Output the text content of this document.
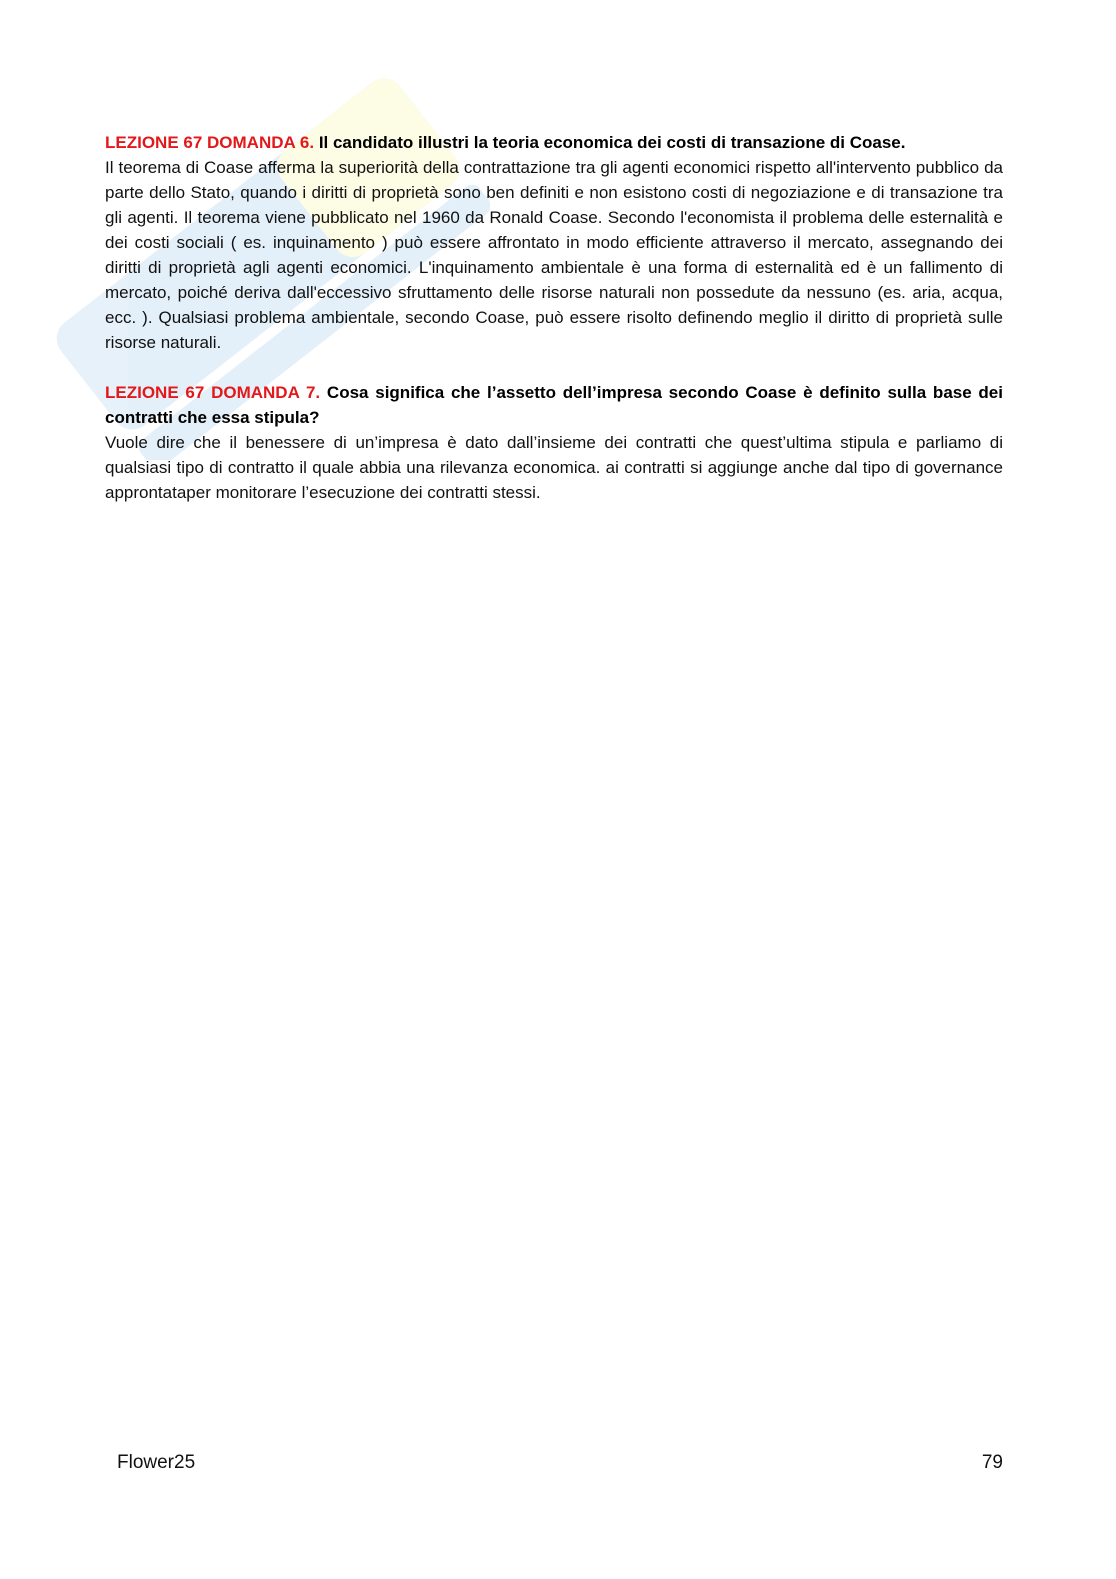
LEZIONE 67 DOMANDA 6. Il candidato illustri la teoria economica dei costi di transazione di Coase.
Il teorema di Coase afferma la superiorità della contrattazione tra gli agenti economici rispetto all'intervento pubblico da parte dello Stato, quando i diritti di proprietà sono ben definiti e non esistono costi di negoziazione e di transazione tra gli agenti. Il teorema viene pubblicato nel 1960 da Ronald Coase. Secondo l'economista il problema delle esternalità e dei costi sociali ( es. inquinamento ) può essere affrontato in modo efficiente attraverso il mercato, assegnando dei diritti di proprietà agli agenti economici. L'inquinamento ambientale è una forma di esternalità ed è un fallimento di mercato, poiché deriva dall'eccessivo sfruttamento delle risorse naturali non possedute da nessuno (es. aria, acqua, ecc. ). Qualsiasi problema ambientale, secondo Coase, può essere risolto definendo meglio il diritto di proprietà sulle risorse naturali.

LEZIONE 67 DOMANDA 7. Cosa significa che l’assetto dell’impresa secondo Coase è definito sulla base dei contratti che essa stipula?
Vuole dire che il benessere di un’impresa è dato dall’insieme dei contratti che quest’ultima stipula e parliamo di qualsiasi tipo di contratto il quale abbia una rilevanza economica. ai contratti si aggiunge anche dal tipo di governance approntataper monitorare l’esecuzione dei contratti stessi.

Flower25	79
